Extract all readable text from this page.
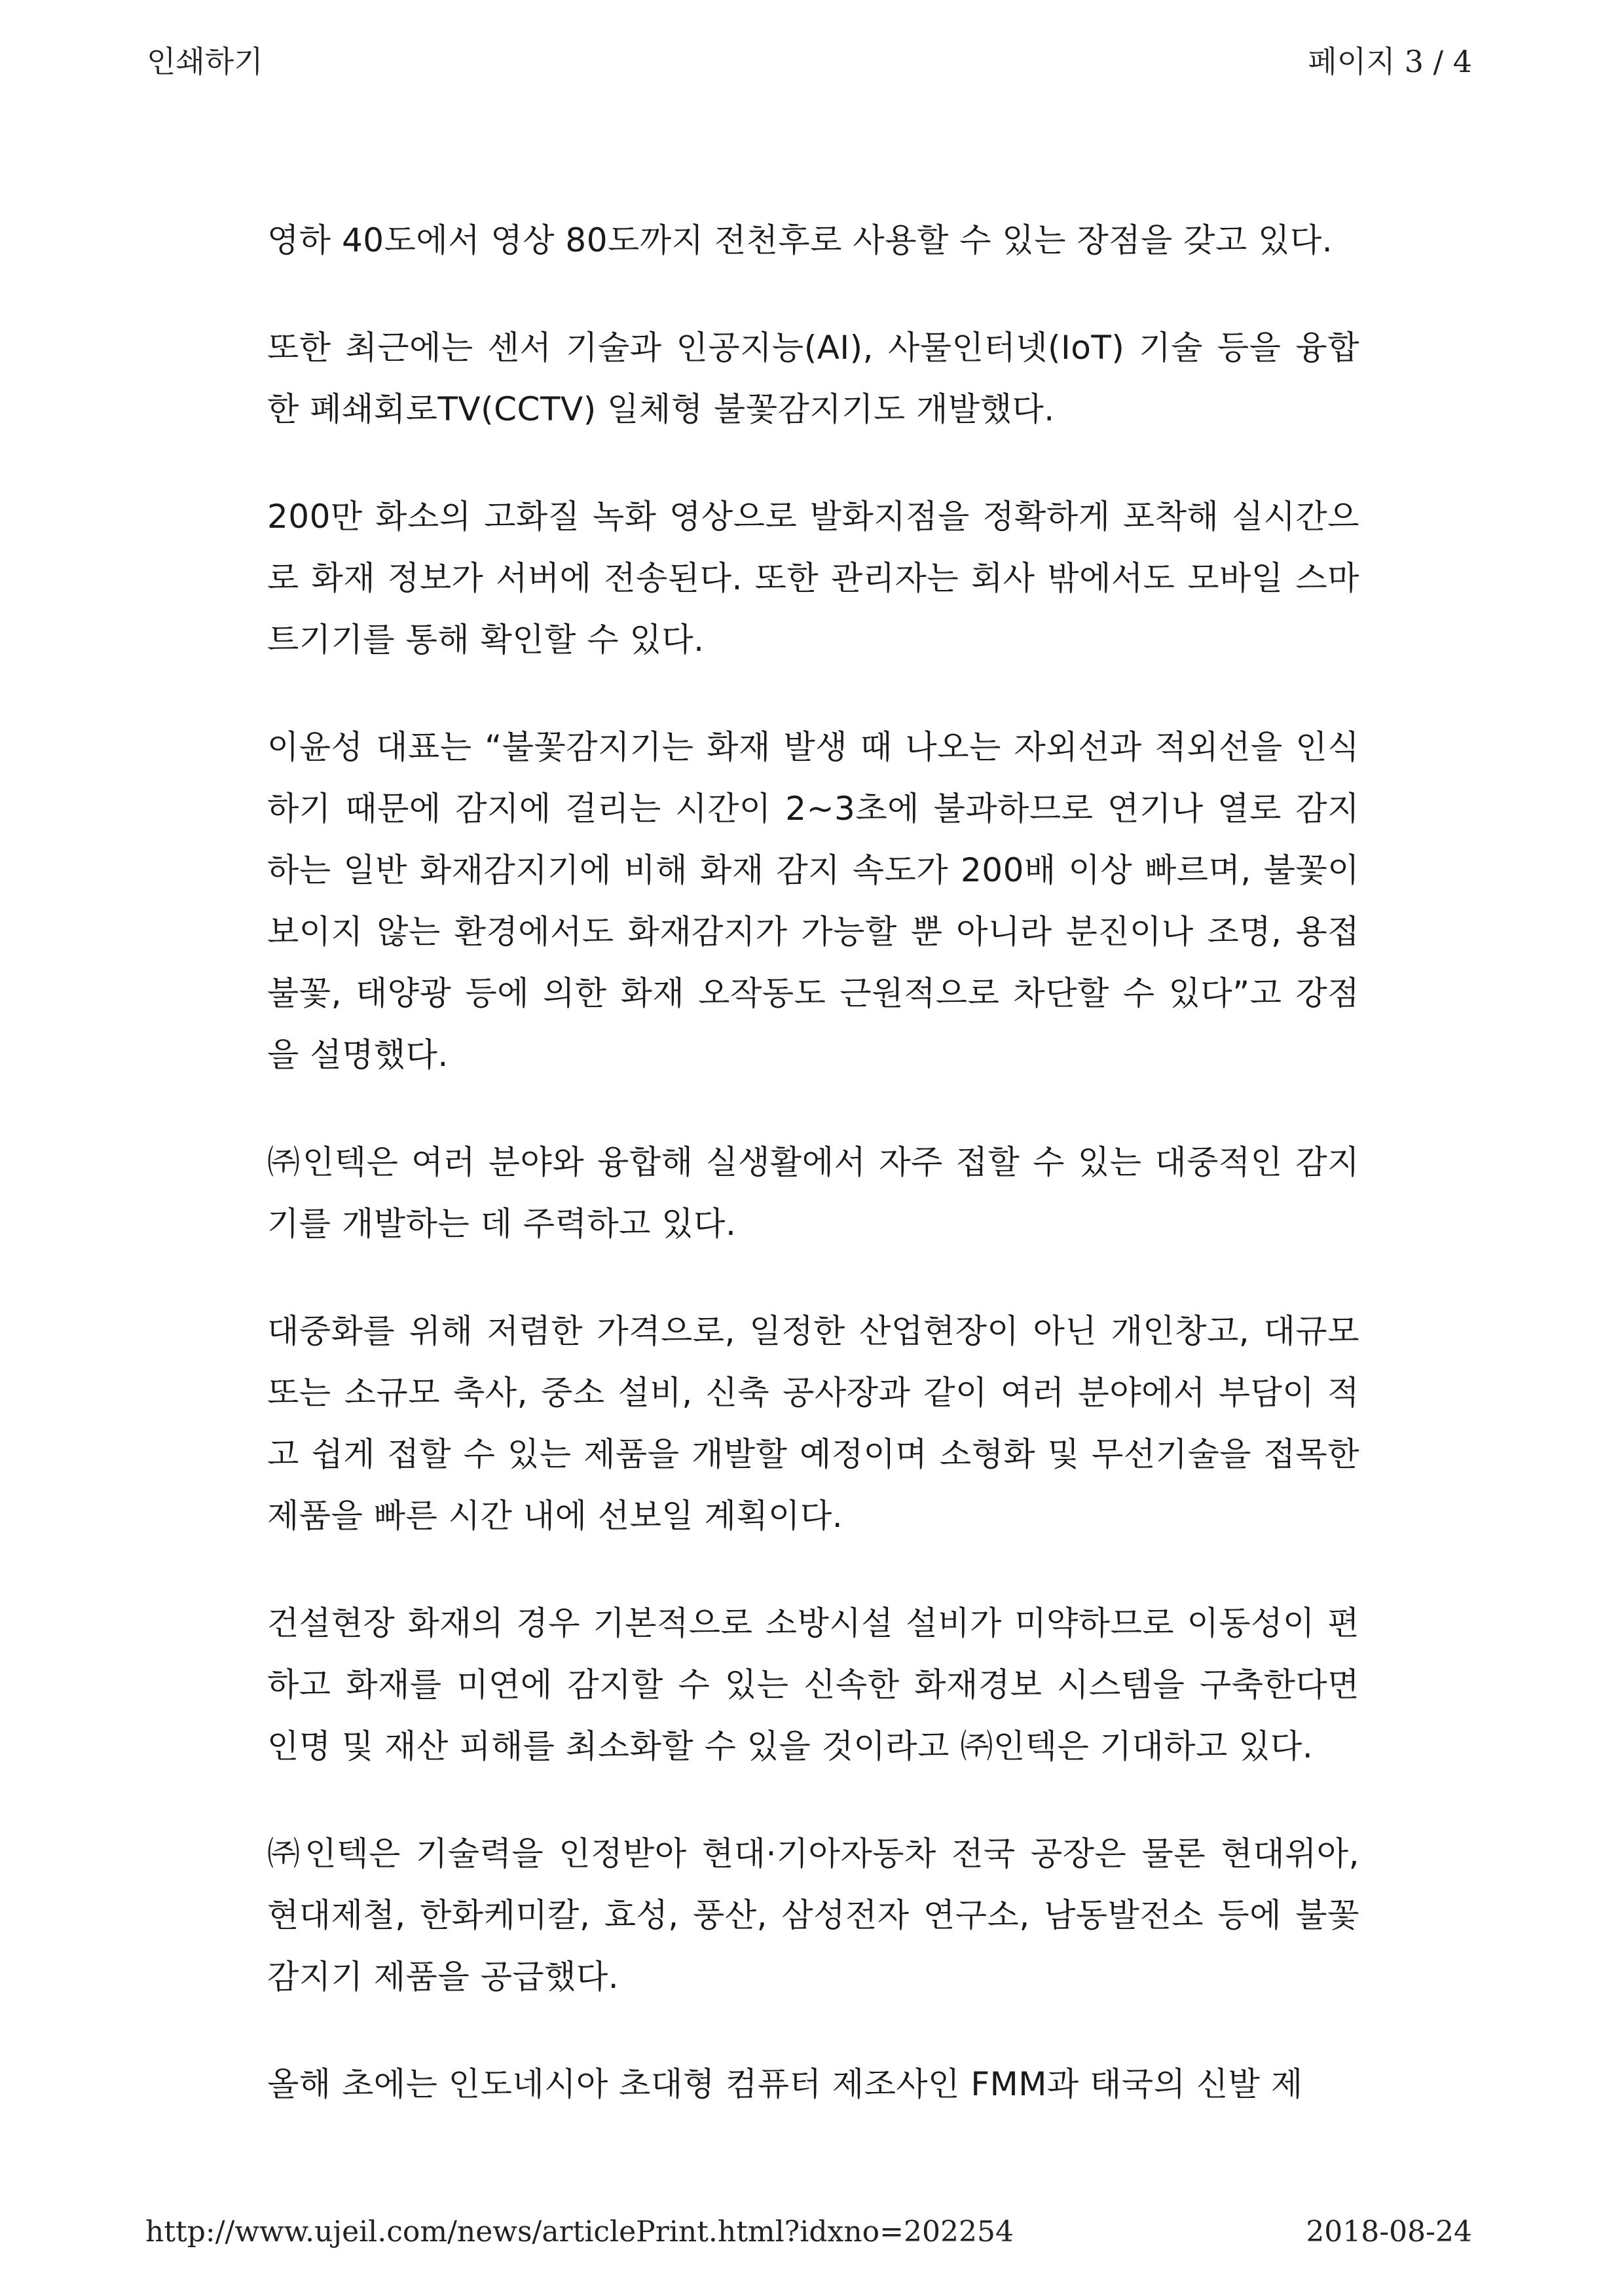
인쇄하기	페이지 3 / 4

영하 40도에서 영상 80도까지 전천후로 사용할 수 있는 장점을 갖고 있다.

또한 최근에는 센서 기술과 인공지능(AI), 사물인터넷(IoT) 기술 등을 융합한 폐쇄회로TV(CCTV) 일체형 불꽃감지기도 개발했다.

200만 화소의 고화질 녹화 영상으로 발화지점을 정확하게 포착해 실시간으로 화재 정보가 서버에 전송된다. 또한 관리자는 회사 밖에서도 모바일 스마트기기를 통해 확인할 수 있다.

이윤성 대표는 “불꽃감지기는 화재 발생 때 나오는 자외선과 적외선을 인식하기 때문에 감지에 걸리는 시간이 2~3초에 불과하므로 연기나 열로 감지하는 일반 화재감지기에 비해 화재 감지 속도가 200배 이상 빠르며, 불꽃이 보이지 않는 환경에서도 화재감지가 가능할 뿐 아니라 분진이나 조명, 용접 불꽃, 태양광 등에 의한 화재 오작동도 근원적으로 차단할 수 있다”고 강점을 설명했다.

㈜인텍은 여러 분야와 융합해 실생활에서 자주 접할 수 있는 대중적인 감지기를 개발하는 데 주력하고 있다.

대중화를 위해 저렴한 가격으로, 일정한 산업현장이 아닌 개인창고, 대규모 또는 소규모 축사, 중소 설비, 신축 공사장과 같이 여러 분야에서 부담이 적고 쉽게 접할 수 있는 제품을 개발할 예정이며 소형화 및 무선기술을 접목한 제품을 빠른 시간 내에 선보일 계획이다.

건설현장 화재의 경우 기본적으로 소방시설 설비가 미약하므로 이동성이 편하고 화재를 미연에 감지할 수 있는 신속한 화재경보 시스템을 구축한다면 인명 및 재산 피해를 최소화할 수 있을 것이라고 ㈜인텍은 기대하고 있다.

㈜인텍은 기술력을 인정받아 현대·기아자동차 전국 공장은 물론 현대위아, 현대제철, 한화케미칼, 효성, 풍산, 삼성전자 연구소, 남동발전소 등에 불꽃감지기 제품을 공급했다.

올해 초에는 인도네시아 초대형 컴퓨터 제조사인 FMM과 태국의 신발 제

http://www.ujeil.com/news/articlePrint.html?idxno=202254	2018-08-24
